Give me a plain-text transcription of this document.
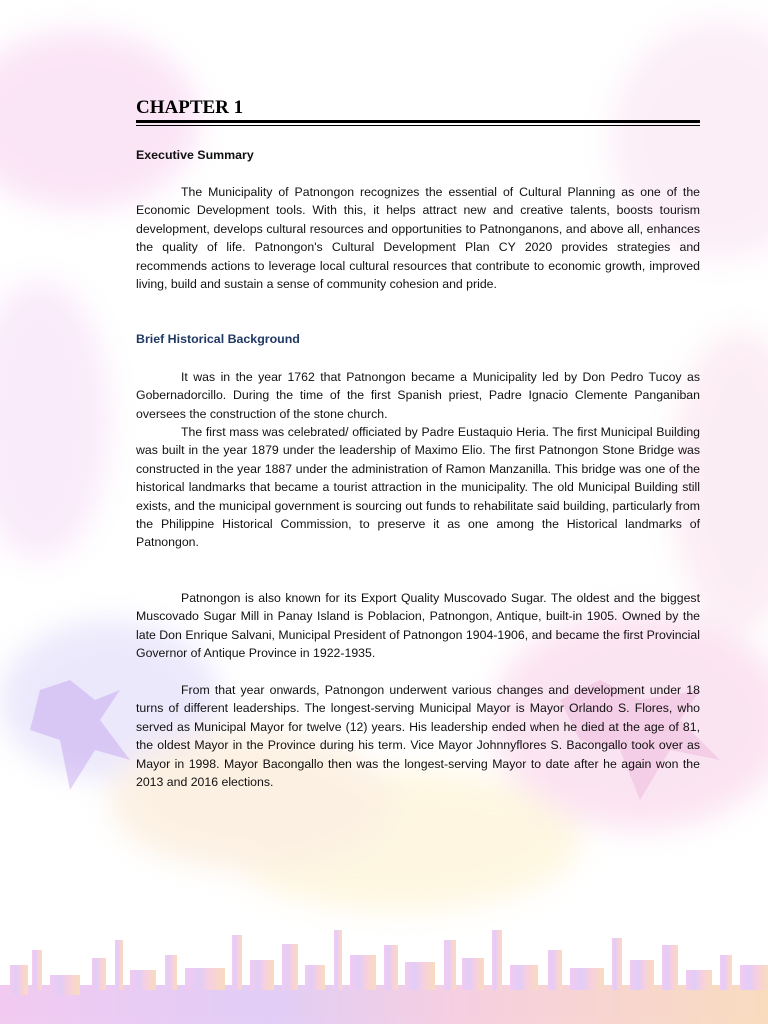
CHAPTER 1
Executive Summary

The Municipality of Patnongon recognizes the essential of Cultural Planning as one of the Economic Development tools. With this, it helps attract new and creative talents, boosts tourism development, develops cultural resources and opportunities to Patnonganons, and above all, enhances the quality of life. Patnongon's Cultural Development Plan CY 2020 provides strategies and recommends actions to leverage local cultural resources that contribute to economic growth, improved living, build and sustain a sense of community cohesion and pride.

Brief Historical Background

It was in the year 1762 that Patnongon became a Municipality led by Don Pedro Tucoy as Gobernadorcillo. During the time of the first Spanish priest, Padre Ignacio Clemente Panganiban oversees the construction of the stone church.

The first mass was celebrated/ officiated by Padre Eustaquio Heria. The first Municipal Building was built in the year 1879 under the leadership of Maximo Elio. The first Patnongon Stone Bridge was constructed in the year 1887 under the administration of Ramon Manzanilla. This bridge was one of the historical landmarks that became a tourist attraction in the municipality. The old Municipal Building still exists, and the municipal government is sourcing out funds to rehabilitate said building, particularly from the Philippine Historical Commission, to preserve it as one among the Historical landmarks of Patnongon.

Patnongon is also known for its Export Quality Muscovado Sugar. The oldest and the biggest Muscovado Sugar Mill in Panay Island is Poblacion, Patnongon, Antique, built-in 1905. Owned by the late Don Enrique Salvani, Municipal President of Patnongon 1904-1906, and became the first Provincial Governor of Antique Province in 1922-1935.

From that year onwards, Patnongon underwent various changes and development under 18 turns of different leaderships. The longest-serving Municipal Mayor is Mayor Orlando S. Flores, who served as Municipal Mayor for twelve (12) years. His leadership ended when he died at the age of 81, the oldest Mayor in the Province during his term. Vice Mayor Johnnyflores S. Bacongallo took over as Mayor in 1998. Mayor Bacongallo then was the longest-serving Mayor to date after he again won the 2013 and 2016 elections.
